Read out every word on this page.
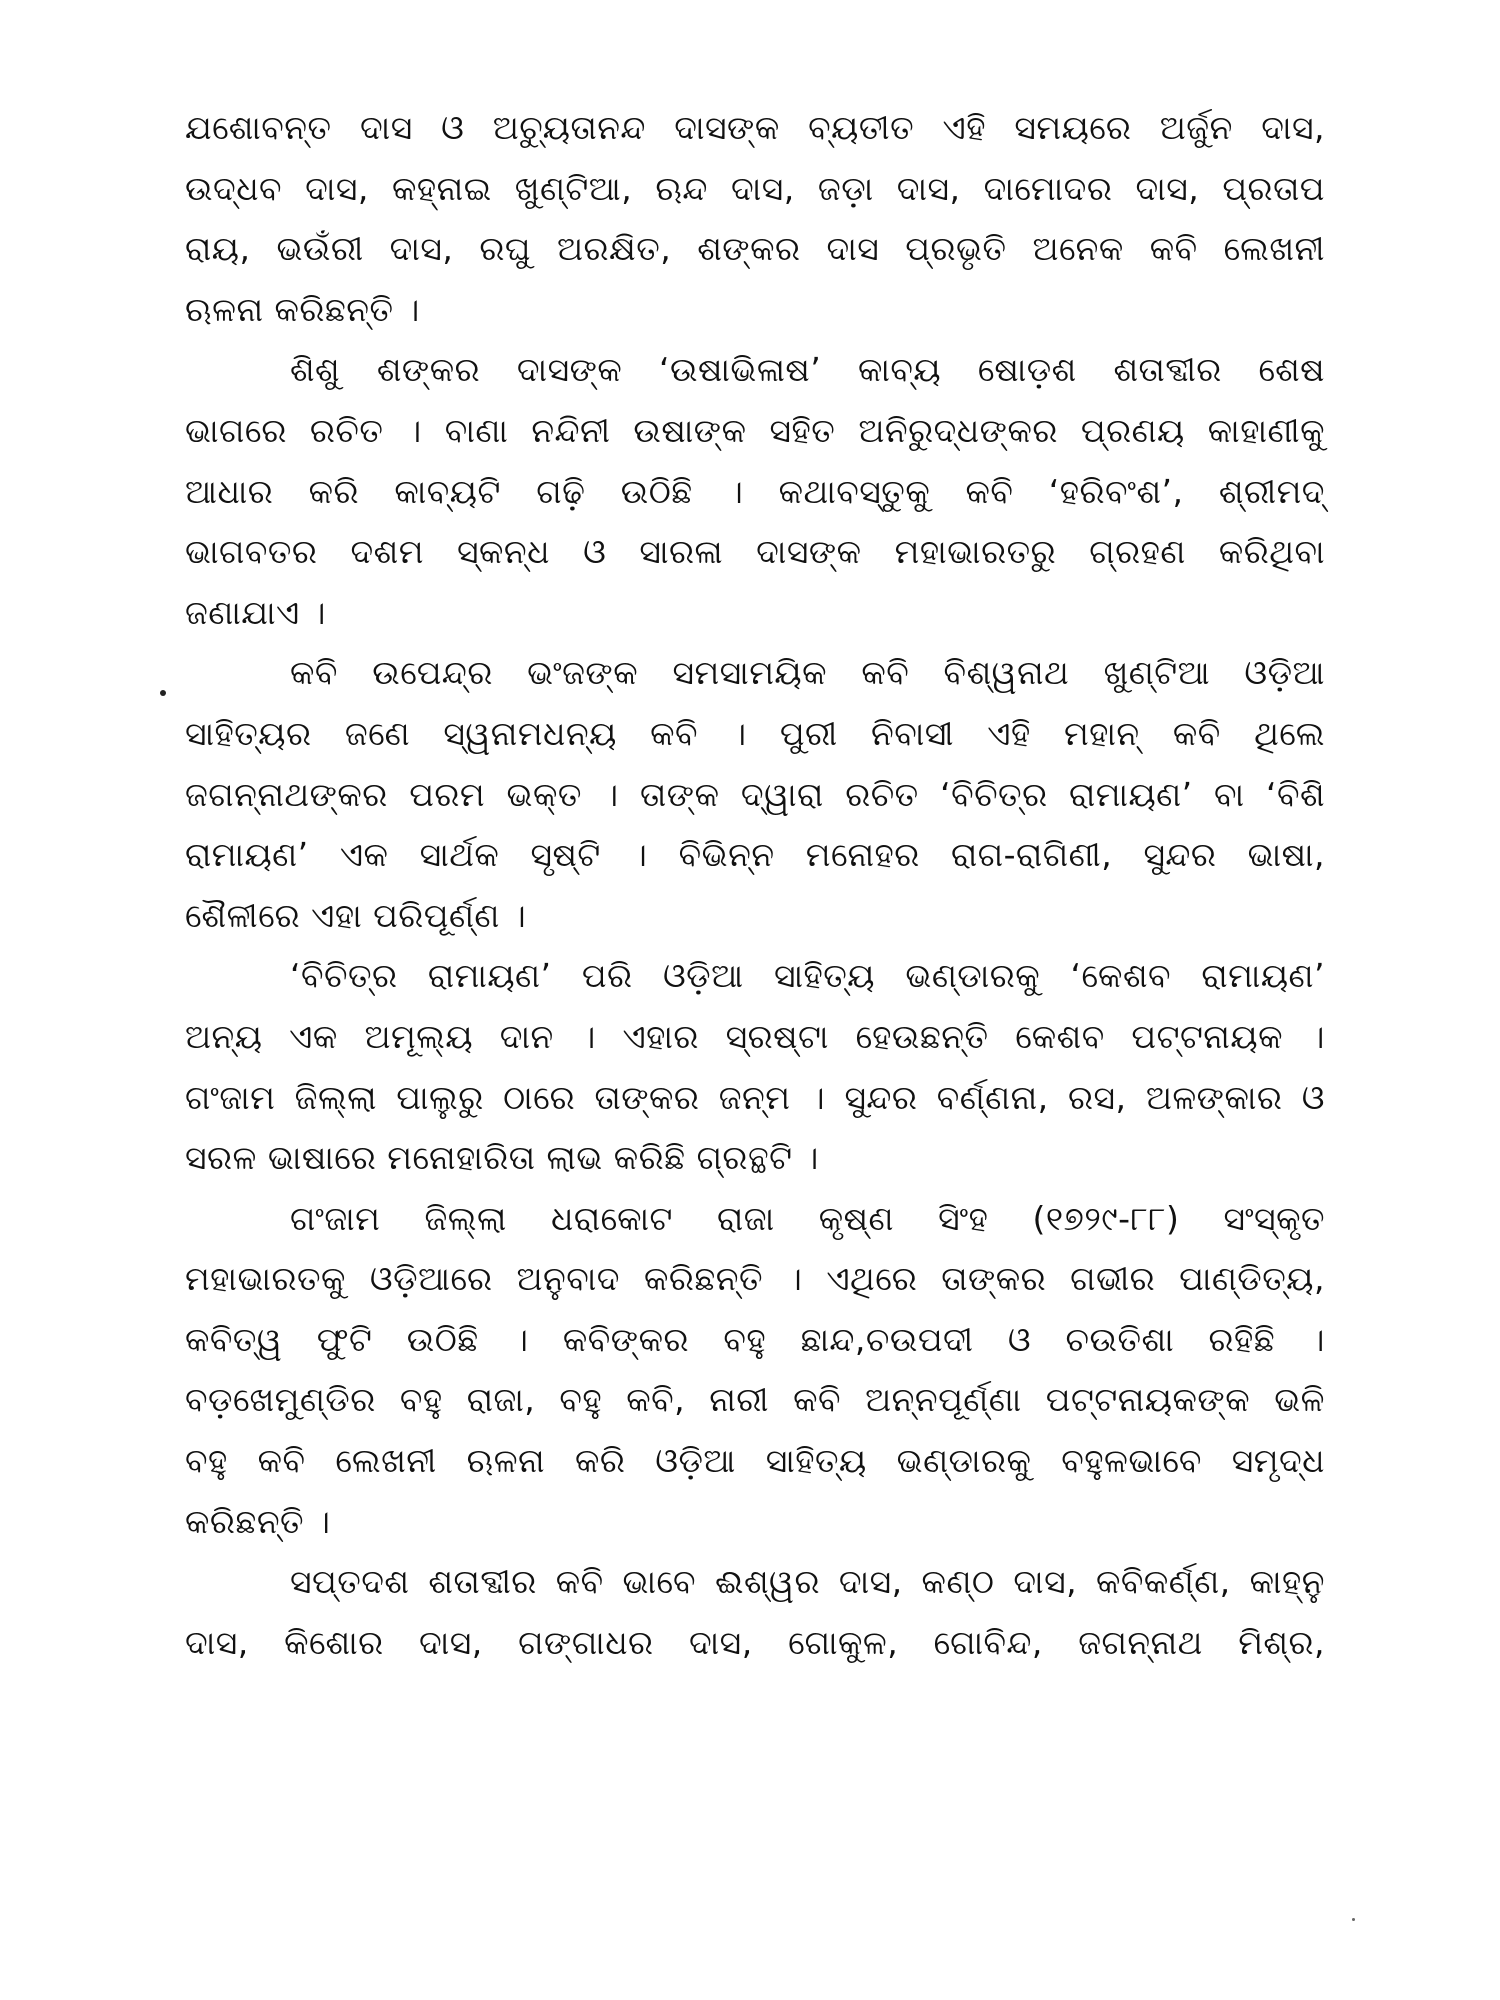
ଯଶୋବନ୍ତ ଦାସ ଓ ଅଚ୍ୟୁତାନନ୍ଦ ଦାସଙ୍କ ବ୍ୟତୀତ ଏହି ସମୟରେ ଅର୍ଜୁନ ଦାସ,
ଉଦ୍ଧବ ଦାସ, କହ୍ନାଇ ଖୁଣ୍ଟିଆ, ଋନ୍ଦ ଦାସ, ଜଡ଼ା ଦାସ, ଦାମୋଦର ଦାସ, ପ୍ରତାପ
ରାୟ, ଭଉଁରୀ ଦାସ, ରଘୁ ଅରକ୍ଷିତ, ଶଙ୍କର ଦାସ ପ୍ରଭୃତି ଅନେକ କବି ଲେଖନୀ
ଋଳନା କରିଛନ୍ତି ।
ଶିଶୁ ଶଙ୍କର ଦାସଙ୍କ ‘ଉଷାଭିଳାଷ’ କାବ୍ୟ ଷୋଡ଼ଶ ଶତାବ୍ଦୀର ଶେଷ
ଭାଗରେ ରଚିତ । ବାଣା ନନ୍ଦିନୀ ଉଷାଙ୍କ ସହିତ ଅନିରୁଦ୍ଧଙ୍କର ପ୍ରଣୟ କାହାଣୀକୁ
ଆଧାର କରି କାବ୍ୟଟି ଗଢ଼ି ଉଠିଛି । କଥାବସ୍ତୁକୁ କବି ‘ହରିବଂଶ’, ଶ୍ରୀମଦ୍
ଭାଗବତର ଦଶମ ସ୍କନ୍ଧ ଓ ସାରଳା ଦାସଙ୍କ ମହାଭାରତରୁ ଗ୍ରହଣ କରିଥିବା
ଜଣାଯାଏ ।
କବି ଉପେନ୍ଦ୍ର ଭଂଜଙ୍କ ସମସାମୟିକ କବି ବିଶ୍ୱନାଥ ଖୁଣ୍ଟିଆ ଓଡ଼ିଆ
ସାହିତ୍ୟର ଜଣେ ସ୍ୱନାମଧନ୍ୟ କବି । ପୁରୀ ନିବାସୀ ଏହି ମହାନ୍ କବି ଥିଲେ
ଜଗନ୍ନାଥଙ୍କର ପରମ ଭକ୍ତ । ତାଙ୍କ ଦ୍ୱାରା ରଚିତ ‘ବିଚିତ୍ର ରାମାୟଣ’ ବା ‘ବିଶି
ରାମାୟଣ’ ଏକ ସାର୍ଥକ ସୃଷ୍ଟି । ବିଭିନ୍ନ ମନୋହର ରାଗ-ରାଗିଣୀ, ସୁନ୍ଦର ଭାଷା,
ଶୈଳୀରେ ଏହା ପରିପୂର୍ଣ୍ଣ ।
‘ବିଚିତ୍ର ରାମାୟଣ’ ପରି ଓଡ଼ିଆ ସାହିତ୍ୟ ଭଣ୍ଡାରକୁ ‘କେଶବ ରାମାୟଣ’
ଅନ୍ୟ ଏକ ଅମୂଲ୍ୟ ଦାନ । ଏହାର ସ୍ରଷ୍ଟା ହେଉଛନ୍ତି କେଶବ ପଟ୍ଟନାୟକ ।
ଗଂଜାମ ଜିଲ୍ଲା ପାଲୁରୁ ଠାରେ ତାଙ୍କର ଜନ୍ମ । ସୁନ୍ଦର ବର୍ଣ୍ଣନା, ରସ, ଅଳଙ୍କାର ଓ
ସରଳ ଭାଷାରେ ମନୋହାରିତା ଲାଭ କରିଛି ଗ୍ରନ୍ଥଟି ।
ଗଂଜାମ ଜିଲ୍ଲା ଧରାକୋଟ ରାଜା କୃଷ୍ଣ ସିଂହ (୧୭୨୯-୮୮) ସଂସ୍କୃତ
ମହାଭାରତକୁ ଓଡ଼ିଆରେ ଅନୁବାଦ କରିଛନ୍ତି । ଏଥିରେ ତାଙ୍କର ଗଭୀର ପାଣ୍ଡିତ୍ୟ,
କବିତ୍ୱ ଫୁଟି ଉଠିଛି । କବିଙ୍କର ବହୁ ଛାନ୍ଦ,ଚଉପଦୀ ଓ ଚଉତିଶା ରହିଛି ।
ବଡ଼ଖେମୁଣ୍ଡିର ବହୁ ରାଜା, ବହୁ କବି, ନାରୀ କବି ଅନ୍ନପୂର୍ଣ୍ଣା ପଟ୍ଟନାୟକଙ୍କ ଭଳି
ବହୁ କବି ଲେଖନୀ ଋଳନା କରି ଓଡ଼ିଆ ସାହିତ୍ୟ ଭଣ୍ଡାରକୁ ବହୁଳଭାବେ ସମୃଦ୍ଧ
କରିଛନ୍ତି ।
ସପ୍ତଦଶ ଶତାବ୍ଦୀର କବି ଭାବେ ଈଶ୍ୱର ଦାସ, କଣ୍ଠ ଦାସ, କବିକର୍ଣ୍ଣ, କାହ୍ନୁ
ଦାସ, କିଶୋର ଦାସ, ଗଙ୍ଗାଧର ଦାସ, ଗୋକୁଳ, ଗୋବିନ୍ଦ, ଜଗନ୍ନାଥ ମିଶ୍ର,
